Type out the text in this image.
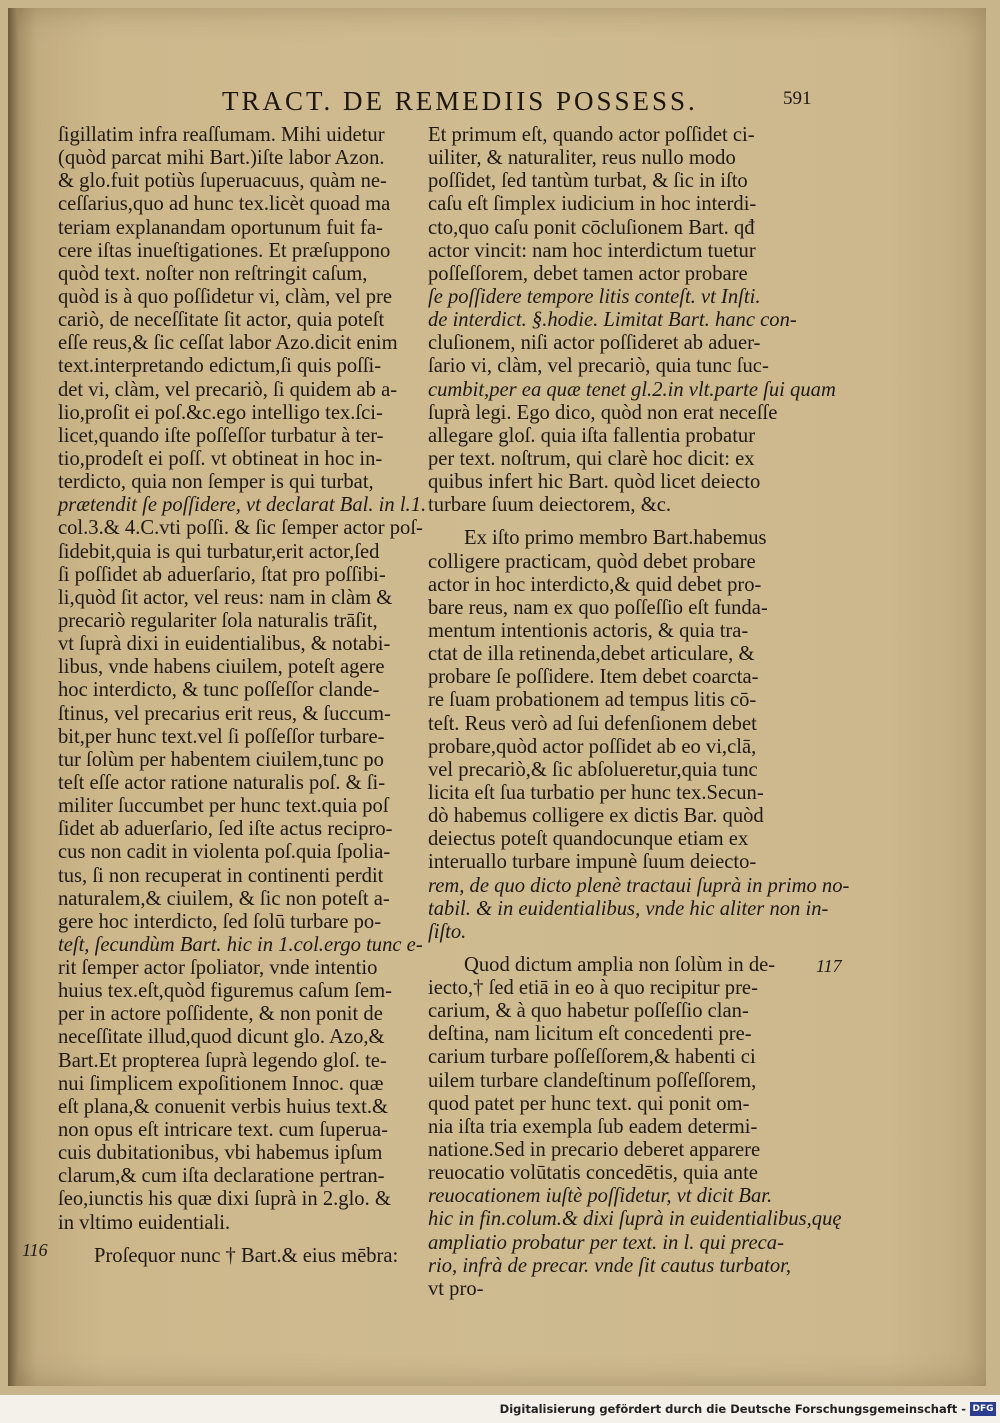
TRACT. DE REMEDIIS POSSESS.	591
ſigillatim infra reaſſumam. Mihi uidetur
(quòd parcat mihi Bart.)iſte labor Azon.
& glo.fuit potiùs ſuperuacuus, quàm ne-
ceſſarius,quo ad hunc tex.licèt quoad ma
teriam explanandam oportunum fuit fa-
cere iſtas inueſtigationes. Et præſuppono
quòd text. noſter non reſtringit caſum,
quòd is à quo poſſidetur vi, clàm, vel pre
cariò, de neceſſitate ſit actor, quia poteſt
eſſe reus,& ſic ceſſat labor Azo.dicit enim
text.interpretando edictum,ſi quis poſſi-
det vi, clàm, vel precariò, ſi quidem ab a-
lio,proſit ei poſ.&c.ego intelligo tex.ſci-
licet,quando iſte poſſeſſor turbatur à ter-
tio,prodeſt ei poſſ. vt obtineat in hoc in-
terdicto, quia non ſemper is qui turbat,
prætendit ſe poſſidere, vt declarat Bal. in l.1.
col.3.& 4.C.vti poſſi. & ſic ſemper actor poſ-
ſidebit,quia is qui turbatur,erit actor,ſed
ſi poſſidet ab aduerſario, ſtat pro poſſibi-
li,quòd ſit actor, vel reus: nam in clàm &
precariò regulariter ſola naturalis trāſit,
vt ſuprà dixi in euidentialibus, & notabi-
libus, vnde habens ciuilem, poteſt agere
hoc interdicto, & tunc poſſeſſor clande-
ſtinus, vel precarius erit reus, & ſuccum-
bit,per hunc text.vel ſi poſſeſſor turbare-
tur ſolùm per habentem ciuilem,tunc po
teſt eſſe actor ratione naturalis poſ. & ſi-
militer ſuccumbet per hunc text.quia poſ
ſidet ab aduerſario, ſed iſte actus recipro-
cus non cadit in violenta poſ.quia ſpolia-
tus, ſi non recuperat in continenti perdit
naturalem,& ciuilem, & ſic non poteſt a-
gere hoc interdicto, ſed ſolū turbare po-
teſt, ſecundùm Bart. hic in 1.col.ergo tunc e-
rit ſemper actor ſpoliator, vnde intentio
huius tex.eſt,quòd figuremus caſum ſem-
per in actore poſſidente, & non ponit de
neceſſitate illud,quod dicunt glo. Azo,&
Bart.Et propterea ſuprà legendo gloſ. te-
nui ſimplicem expoſitionem Innoc. quæ
eſt plana,& conuenit verbis huius text.&
non opus eſt intricare text. cum ſuperua-
cuis dubitationibus, vbi habemus ipſum
clarum,& cum iſta declaratione pertran-
ſeo,iunctis his quæ dixi ſuprà in 2.glo. &
in vltimo euidentiali.
Proſequor nunc † Bart.& eius mēbra:
Et primum eſt, quando actor poſſidet ci-
uiliter, & naturaliter, reus nullo modo
poſſidet, ſed tantùm turbat, & ſic in iſto
caſu eſt ſimplex iudicium in hoc interdi-
cto,quo caſu ponit cōcluſionem Bart. qđ
actor vincit: nam hoc interdictum tuetur
poſſeſſorem, debet tamen actor probare
ſe poſſidere tempore litis conteſt. vt Inſti.
de interdict. §.hodie. Limitat Bart. hanc con-
cluſionem, niſi actor poſſideret ab aduer-
ſario vi, clàm, vel precariò, quia tunc ſuc-
cumbit,per ea quæ tenet gl.2.in vlt.parte ſui quam
ſuprà legi. Ego dico, quòd non erat neceſſe
allegare gloſ. quia iſta fallentia probatur
per text. noſtrum, qui clarè hoc dicit: ex
quibus infert hic Bart. quòd licet deiecto
turbare ſuum deiectorem, &c.
Ex iſto primo membro Bart.habemus
colligere practicam, quòd debet probare
actor in hoc interdicto,& quid debet pro-
bare reus, nam ex quo poſſeſſio eſt funda-
mentum intentionis actoris, & quia tra-
ctat de illa retinenda,debet articulare, &
probare ſe poſſidere. Item debet coarcta-
re ſuam probationem ad tempus litis cō-
teſt. Reus verò ad ſui defenſionem debet
probare,quòd actor poſſidet ab eo vi,clā,
vel precariò,& ſic abſolueretur,quia tunc
licita eſt ſua turbatio per hunc tex.Secun-
dò habemus colligere ex dictis Bar. quòd
deiectus poteſt quandocunque etiam ex
interuallo turbare impunè ſuum deiecto-
rem, de quo dicto plenè tractaui ſuprà in primo no-
tabil. & in euidentialibus, vnde hic aliter non in-
ſiſto.
Quod dictum amplia non ſolùm in de-
iecto,† ſed etiā in eo à quo recipitur pre-
carium, & à quo habetur poſſeſſio clan-
deſtina, nam licitum eſt concedenti pre-
carium turbare poſſeſſorem,& habenti ci
uilem turbare clandeſtinum poſſeſſorem,
quod patet per hunc text. qui ponit om-
nia iſta tria exempla ſub eadem determi-
natione.Sed in precario deberet apparere
reuocatio volūtatis concedētis, quia ante
reuocationem iuſtè poſſidetur, vt dicit Bar.
hic in fin.colum.& dixi ſuprà in euidentialibus,quę
ampliatio probatur per text. in l. qui preca-
rio, infrà de precar. vnde ſit cautus turbator,
vt pro-
116
117
Digitalisierung gefördert durch die Deutsche Forschungsgemeinschaft - DFG
